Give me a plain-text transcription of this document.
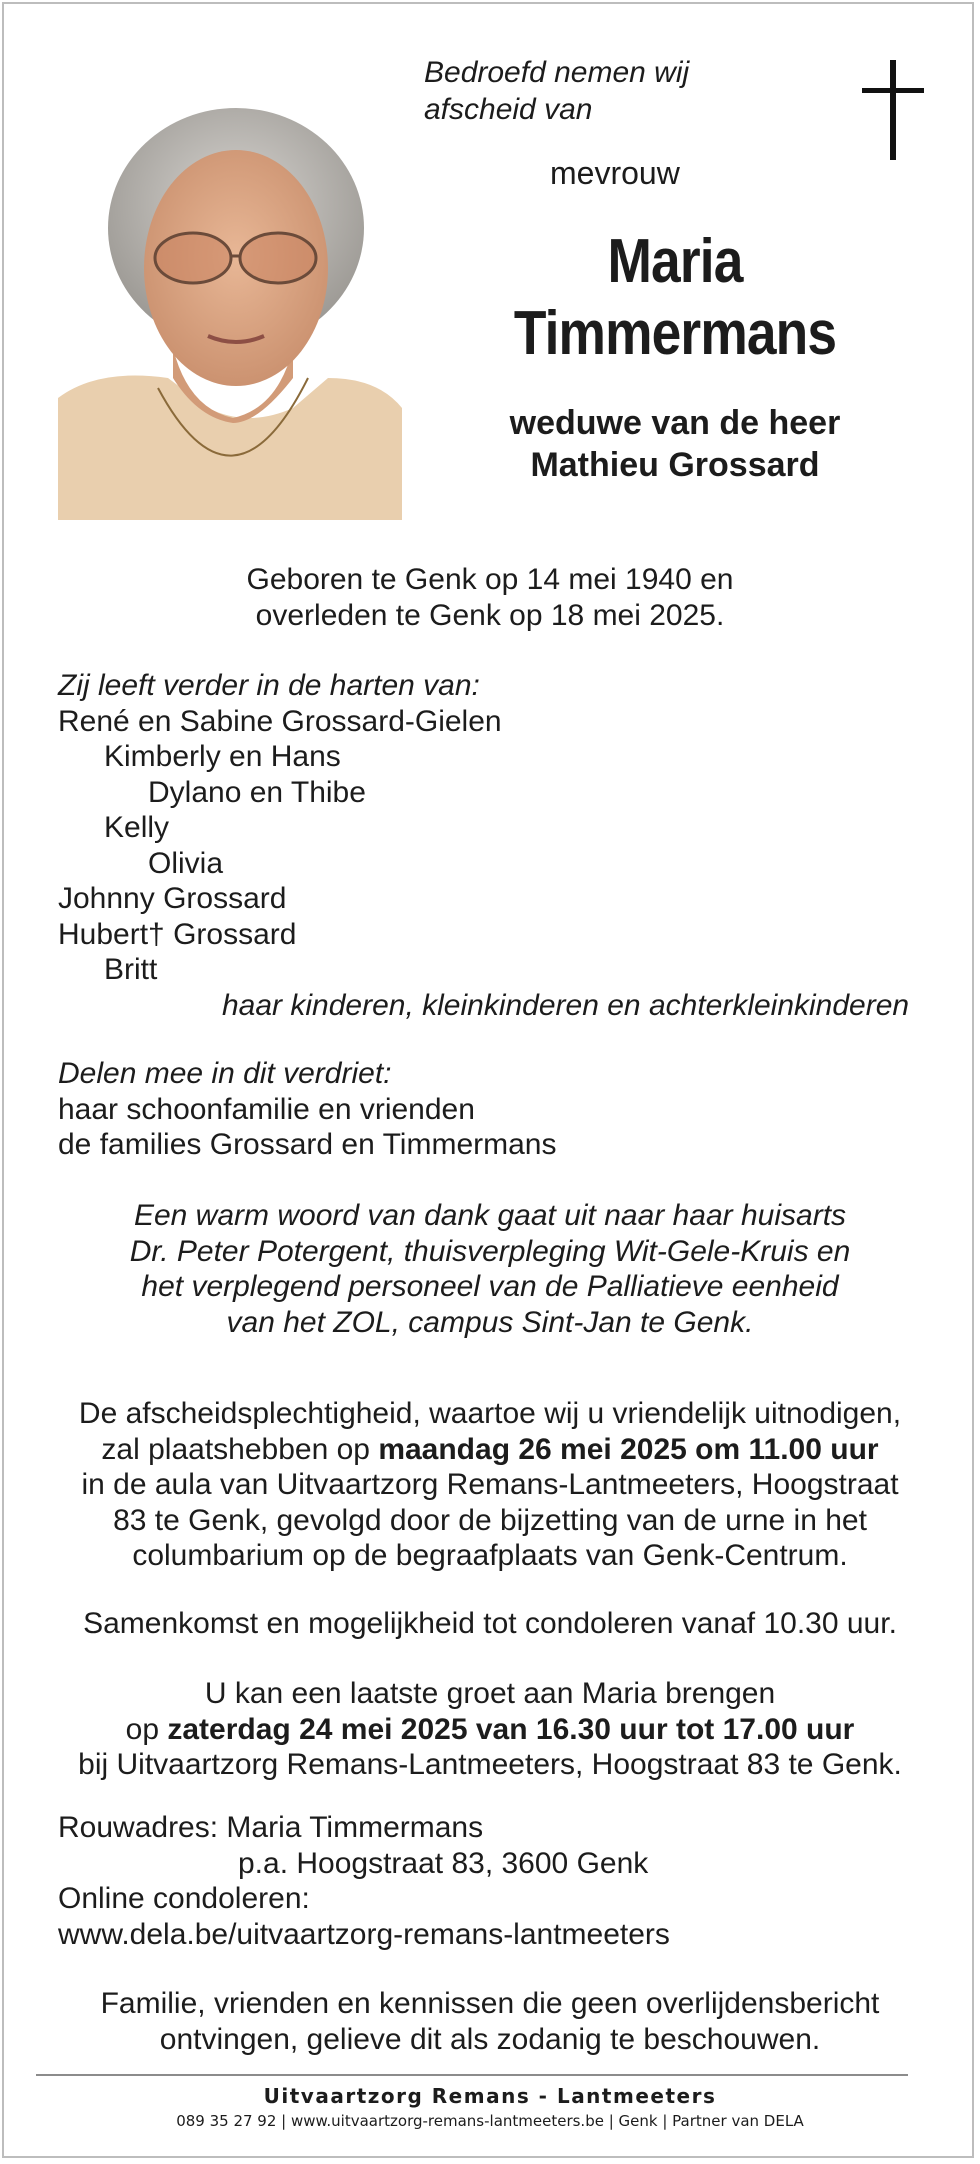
Bedroefd nemen wij
afscheid van
mevrouw
Maria
Timmermans
weduwe van de heer
Mathieu Grossard
Geboren te Genk op 14 mei 1940 en
overleden te Genk op 18 mei 2025.
Zij leeft verder in de harten van:
René en Sabine Grossard-Gielen
Kimberly en Hans
Dylano en Thibe
Kelly
Olivia
Johnny Grossard
Hubert† Grossard
Britt
haar kinderen, kleinkinderen en achterkleinkinderen
Delen mee in dit verdriet:
haar schoonfamilie en vrienden
de families Grossard en Timmermans
Een warm woord van dank gaat uit naar haar huisarts
Dr. Peter Potergent, thuisverpleging Wit-Gele-Kruis en
het verplegend personeel van de Palliatieve eenheid
van het ZOL, campus Sint-Jan te Genk.
De afscheidsplechtigheid, waartoe wij u vriendelijk uitnodigen,
zal plaatshebben op maandag 26 mei 2025 om 11.00 uur
in de aula van Uitvaartzorg Remans-Lantmeeters, Hoogstraat
83 te Genk, gevolgd door de bijzetting van de urne in het
columbarium op de begraafplaats van Genk-Centrum.
Samenkomst en mogelijkheid tot condoleren vanaf 10.30 uur.
U kan een laatste groet aan Maria brengen
op zaterdag 24 mei 2025 van 16.30 uur tot 17.00 uur
bij Uitvaartzorg Remans-Lantmeeters, Hoogstraat 83 te Genk.
Rouwadres: Maria Timmermans
p.a. Hoogstraat 83, 3600 Genk
Online condoleren:
www.dela.be/uitvaartzorg-remans-lantmeeters
Familie, vrienden en kennissen die geen overlijdensbericht
ontvingen, gelieve dit als zodanig te beschouwen.
Uitvaartzorg Remans - Lantmeeters
089 35 27 92 | www.uitvaartzorg-remans-lantmeeters.be | Genk | Partner van DELA
